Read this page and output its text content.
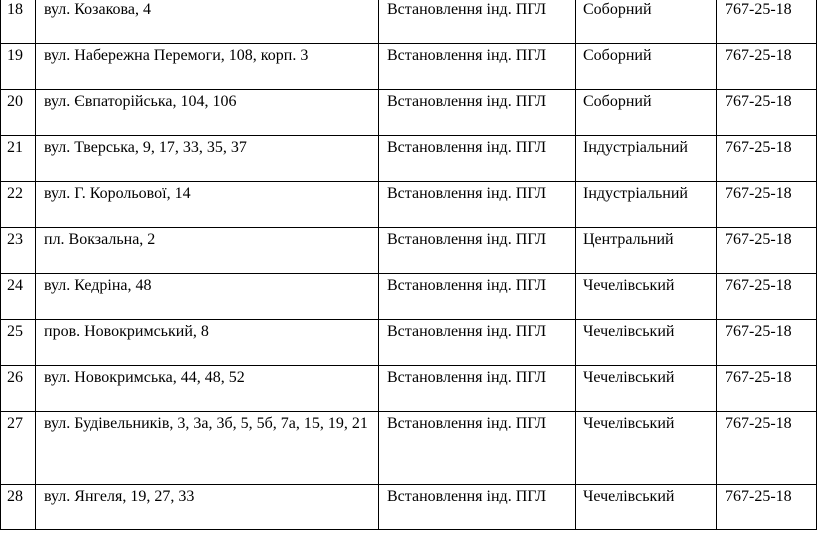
18	вул. Козакова, 4	Встановлення інд. ПГЛ	Соборний	767-25-18
19	вул. Набережна Перемоги, 108, корп. 3	Встановлення інд. ПГЛ	Соборний	767-25-18
20	вул. Євпаторійська, 104, 106	Встановлення інд. ПГЛ	Соборний	767-25-18
21	вул. Тверська, 9, 17, 33, 35, 37	Встановлення інд. ПГЛ	Індустріальний	767-25-18
22	вул. Г. Корольової, 14	Встановлення інд. ПГЛ	Індустріальний	767-25-18
23	пл. Вокзальна, 2	Встановлення інд. ПГЛ	Центральний	767-25-18
24	вул. Кедріна, 48	Встановлення інд. ПГЛ	Чечелівський	767-25-18
25	пров. Новокримський, 8	Встановлення інд. ПГЛ	Чечелівський	767-25-18
26	вул. Новокримська, 44, 48, 52	Встановлення інд. ПГЛ	Чечелівський	767-25-18
27	вул. Будівельників, 3, 3а, 3б, 5, 5б, 7а, 15, 19, 21	Встановлення інд. ПГЛ	Чечелівський	767-25-18
28	вул. Янгеля, 19, 27, 33	Встановлення інд. ПГЛ	Чечелівський	767-25-18
